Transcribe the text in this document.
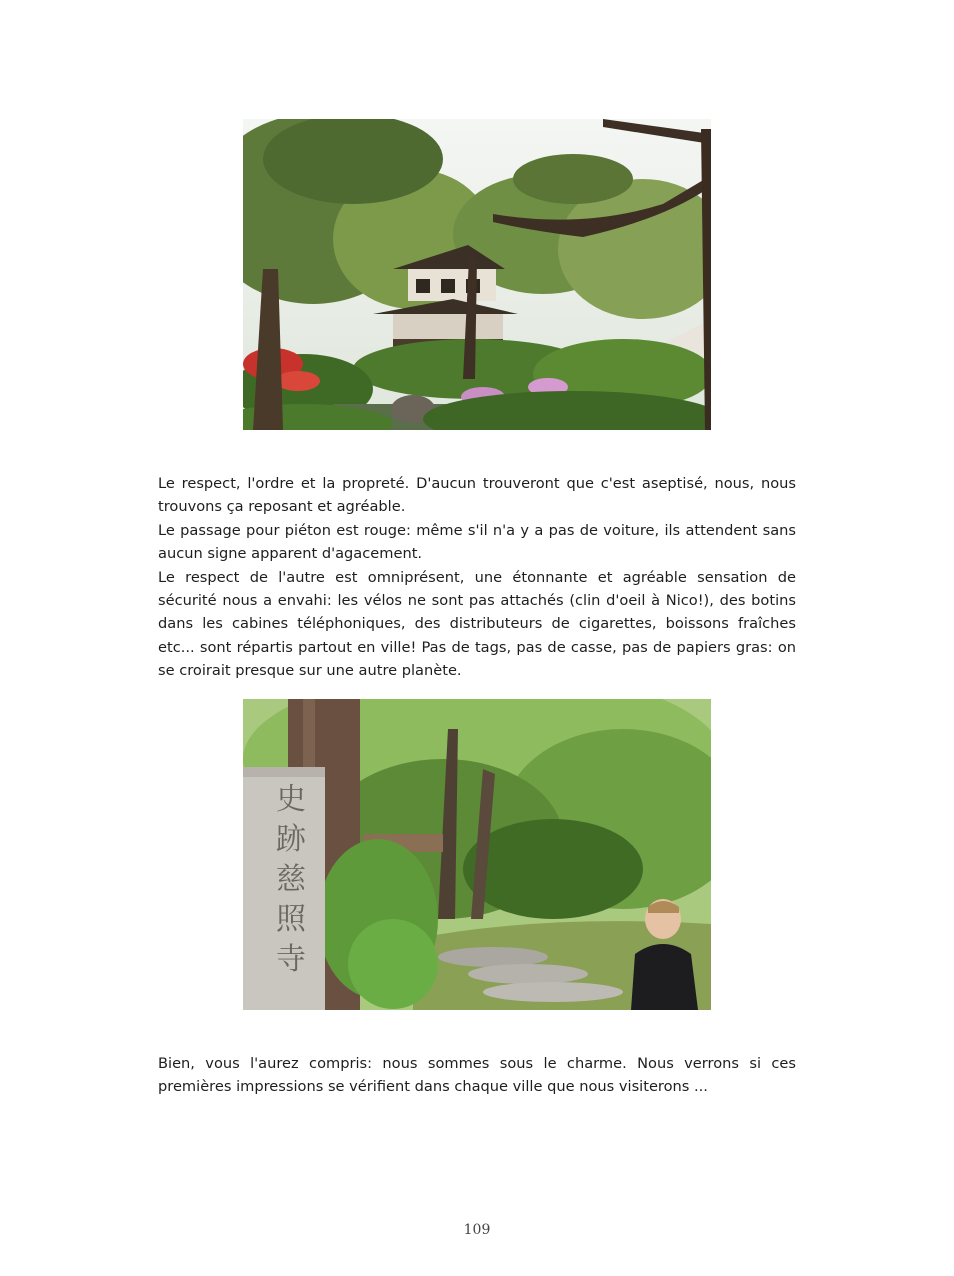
Le respect, l'ordre et la propreté. D'aucun trouveront que c'est aseptisé, nous, nous trouvons ça reposant et agréable.
Le passage pour piéton est rouge: même s'il n'a y a pas de voiture, ils attendent sans aucun signe apparent d'agacement.
Le respect de l'autre est omniprésent, une étonnante et agréable sensation de sécurité nous a envahi: les vélos ne sont pas attachés (clin d'oeil à Nico!), des botins dans les cabines téléphoniques, des distributeurs de cigarettes, boissons fraîches etc... sont répartis partout en ville! Pas de tags, pas de casse, pas de papiers gras: on se croirait presque sur une autre planète.

史
跡
慈
照
寺

Bien, vous l'aurez compris: nous sommes sous le charme. Nous verrons si ces premières impressions se vérifient dans chaque ville que nous visiterons ...

109
